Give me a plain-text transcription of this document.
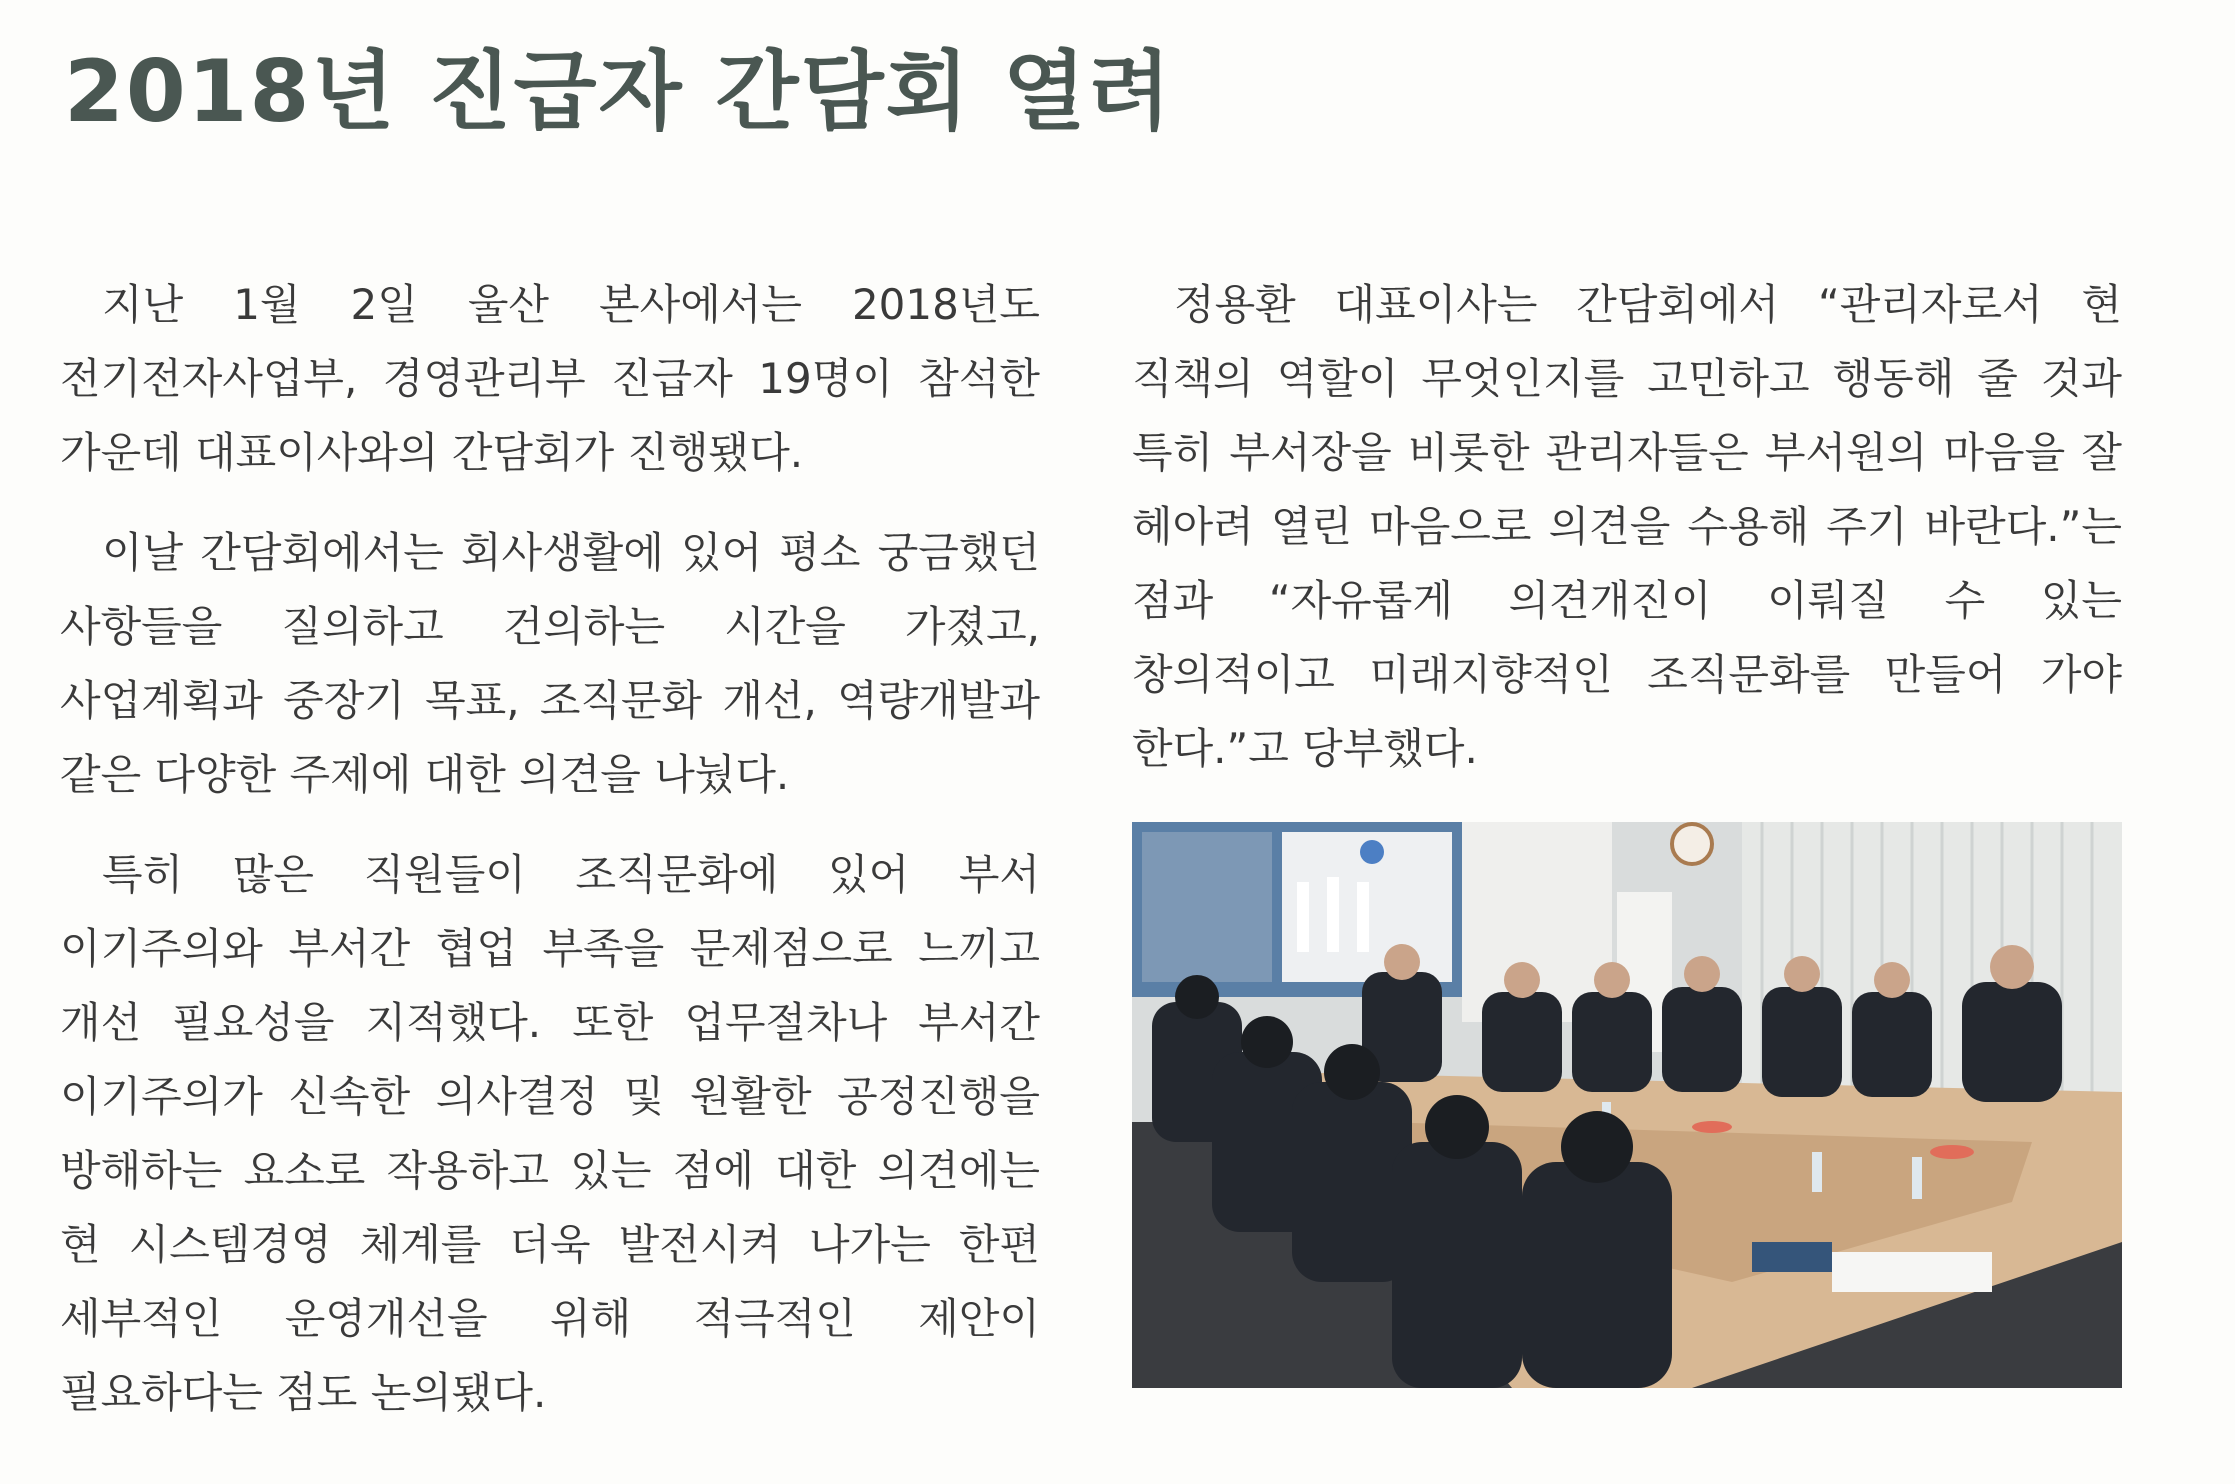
2018년 진급자 간담회 열려

지난 1월 2일 울산 본사에서는 2018년도 전기전자사업부, 경영관리부 진급자 19명이 참석한 가운데 대표이사와의 간담회가 진행됐다.

이날 간담회에서는 회사생활에 있어 평소 궁금했던 사항들을 질의하고 건의하는 시간을 가졌고, 사업계획과 중장기 목표, 조직문화 개선, 역량개발과 같은 다양한 주제에 대한 의견을 나눴다.

특히 많은 직원들이 조직문화에 있어 부서 이기주의와 부서간 협업 부족을 문제점으로 느끼고 개선 필요성을 지적했다. 또한 업무절차나 부서간 이기주의가 신속한 의사결정 및 원활한 공정진행을 방해하는 요소로 작용하고 있는 점에 대한 의견에는 현 시스템경영 체계를 더욱 발전시켜 나가는 한편 세부적인 운영개선을 위해 적극적인 제안이 필요하다는 점도 논의됐다.

정용환 대표이사는 간담회에서 “관리자로서 현 직책의 역할이 무엇인지를 고민하고 행동해 줄 것과 특히 부서장을 비롯한 관리자들은 부서원의 마음을 잘 헤아려 열린 마음으로 의견을 수용해 주기 바란다.”는 점과 “자유롭게 의견개진이 이뤄질 수 있는 창의적이고 미래지향적인 조직문화를 만들어 가야 한다.”고 당부했다.
